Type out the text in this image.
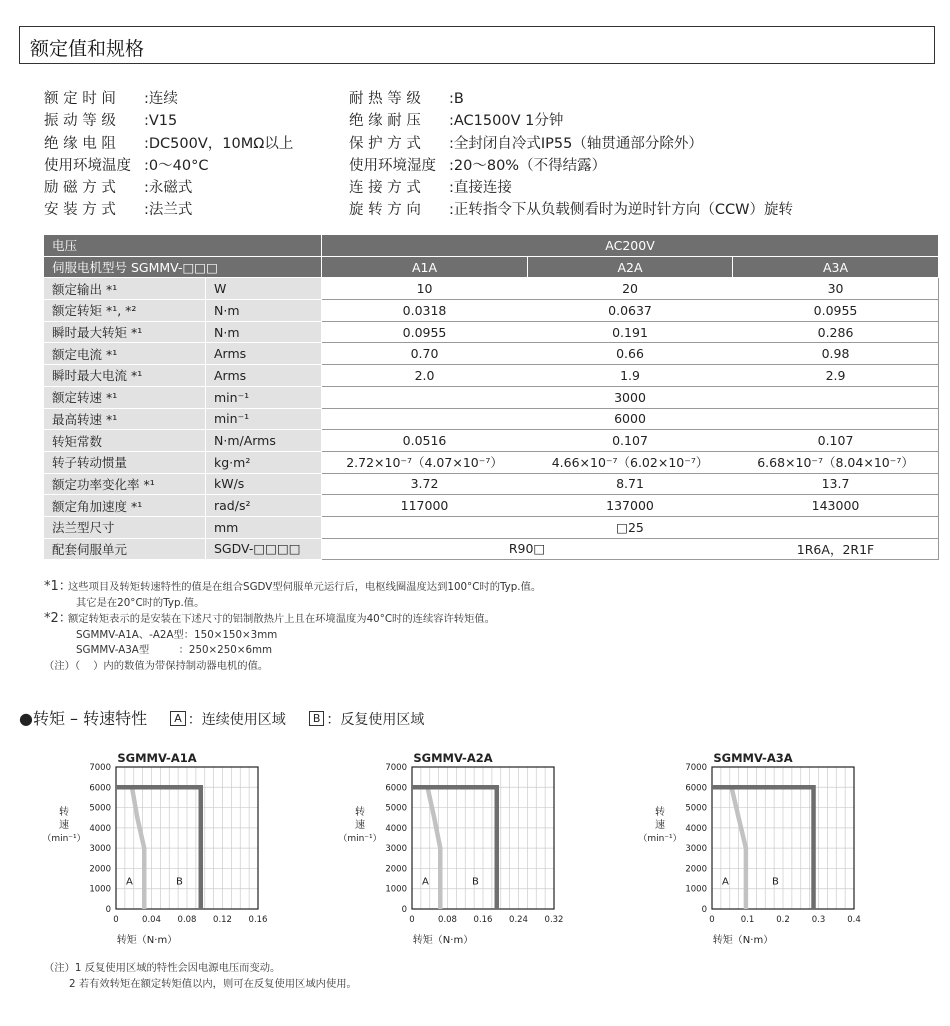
额定值和规格
额 定 时 间 :连续
振 动 等 级 :V15
绝 缘 电 阻 :DC500V，10MΩ以上
使用环境温度 :0～40°C
励 磁 方 式 :永磁式
安 装 方 式 :法兰式
耐 热 等 级 :B
绝 缘 耐 压 :AC1500V 1分钟
保 护 方 式 :全封闭自冷式IP55（轴贯通部分除外）
使用环境湿度 :20～80%（不得结露）
连 接 方 式 :直接连接
旋 转 方 向 :正转指令下从负载侧看时为逆时针方向（CCW）旋转
电压		AC200V		
伺服电机型号 SGMMV-□□□		A1A	A2A	A3A
额定输出 *¹	W	10	20	30
额定转矩 *¹, *²	N·m	0.0318	0.0637	0.0955
瞬时最大转矩 *¹	N·m	0.0955	0.191	0.286
额定电流 *¹	Arms	0.70	0.66	0.98
瞬时最大电流 *¹	Arms	2.0	1.9	2.9
额定转速 *¹	min⁻¹	3000		
最高转速 *¹	min⁻¹	6000		
转矩常数	N·m/Arms	0.0516	0.107	0.107
转子转动惯量	kg·m²	2.72×10⁻⁷（4.07×10⁻⁷）	4.66×10⁻⁷（6.02×10⁻⁷）	6.68×10⁻⁷（8.04×10⁻⁷）
额定功率变化率 *¹	kW/s	3.72	8.71	13.7
额定角加速度 *¹	rad/s²	117000	137000	143000
法兰型尺寸	mm	□25		
配套伺服单元	SGDV-□□□□	R90□		1R6A，2R1F
*1：这些项目及转矩转速特性的值是在组合SGDV型伺服单元运行后，电枢线圈温度达到100°C时的Typ.值。
其它是在20°C时的Typ.值。
*2：额定转矩表示的是安装在下述尺寸的铝制散热片上且在环境温度为40°C时的连续容许转矩值。
SGMMV-A1A、-A2A型：150×150×3mm
SGMMV-A3A型         ：250×250×6mm
（注）（    ）内的数值为带保持制动器电机的值。
●转矩 – 转速特性 A ：连续使用区域 B ：反复使用区域
SGMMV-A1A
0
1000
2000
3000
4000
5000
6000
7000
0	0.04 0.08 0.12 0.16
转
速
（min⁻¹）
转矩（N·m）
A	B
SGMMV-A2A
0
1000
2000
3000
4000
5000
6000
7000
0	0.08 0.16 0.24 0.32
转
速
（min⁻¹）
转矩（N·m）
A	B
SGMMV-A3A
0
1000
2000
3000
4000
5000
6000
7000
0	0.1	0.2	0.3	0.4
转
速
（min⁻¹）
转矩（N·m）
A	B
（注）1 反复使用区域的特性会因电源电压而变动。
2 若有效转矩在额定转矩值以内，则可在反复使用区域内使用。
